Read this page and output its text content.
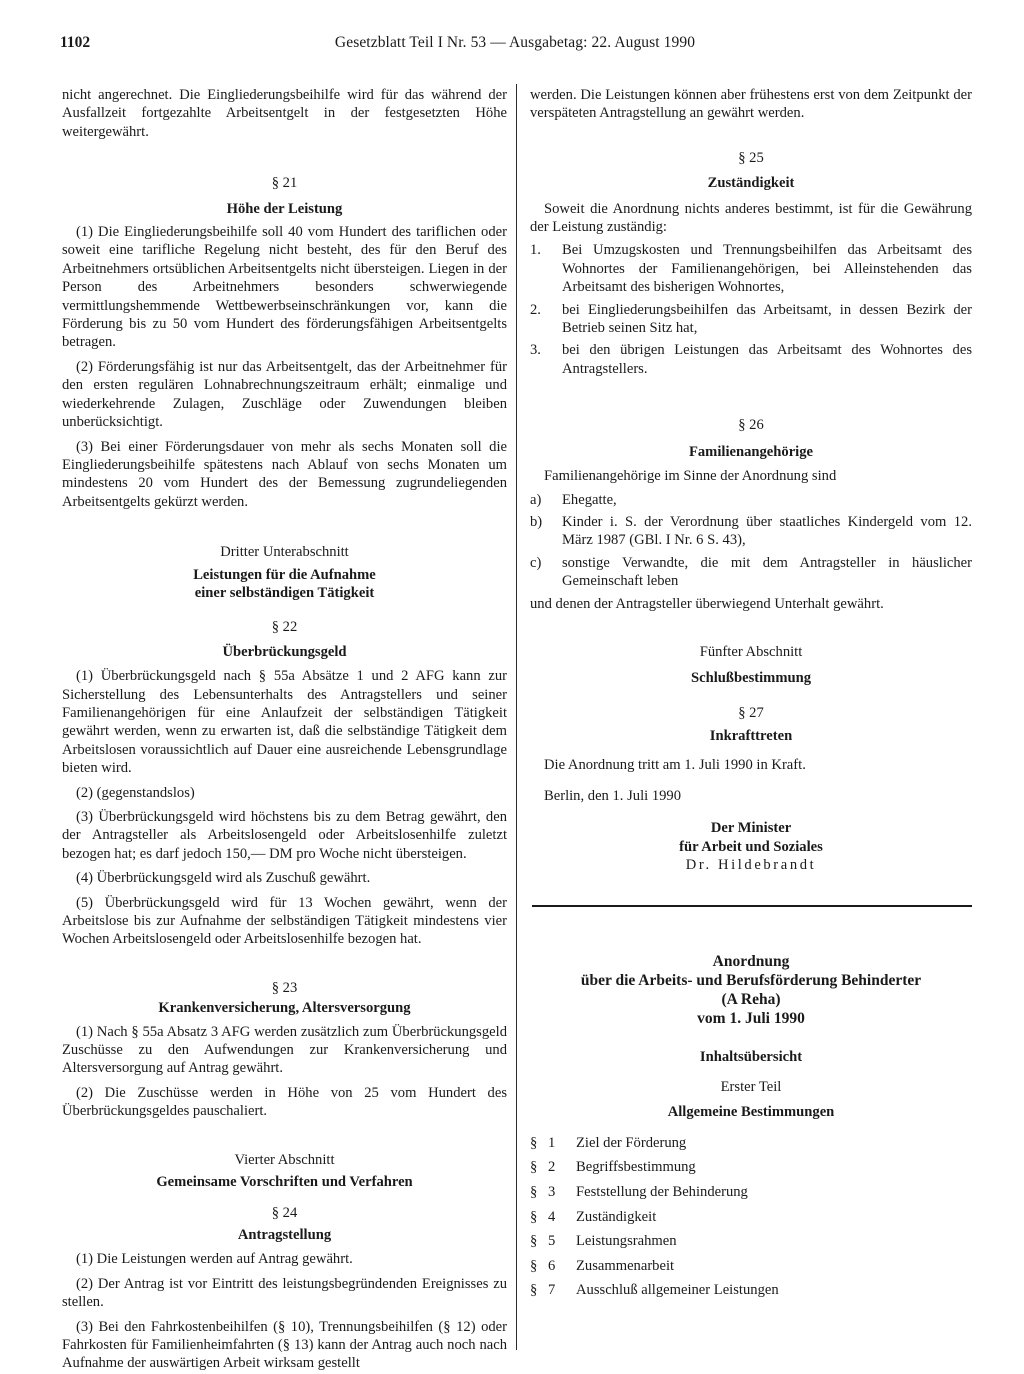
1102	Gesetzblatt Teil I Nr. 53 — Ausgabetag: 22. August 1990

nicht angerechnet. Die Eingliederungsbeihilfe wird für das während der Ausfallzeit fortgezahlte Arbeitsentgelt in der festgesetzten Höhe weitergewährt.

§ 21
Höhe der Leistung

(1) Die Eingliederungsbeihilfe soll 40 vom Hundert des tariflichen oder soweit eine tarifliche Regelung nicht besteht, des für den Beruf des Arbeitnehmers ortsüblichen Arbeitsentgelts nicht übersteigen. Liegen in der Person des Arbeitnehmers besonders schwerwiegende vermittlungshemmende Wettbewerbseinschränkungen vor, kann die Förderung bis zu 50 vom Hundert des förderungsfähigen Arbeitsentgelts betragen.

(2) Förderungsfähig ist nur das Arbeitsentgelt, das der Arbeitnehmer für den ersten regulären Lohnabrechnungszeitraum erhält; einmalige und wiederkehrende Zulagen, Zuschläge oder Zuwendungen bleiben unberücksichtigt.

(3) Bei einer Förderungsdauer von mehr als sechs Monaten soll die Eingliederungsbeihilfe spätestens nach Ablauf von sechs Monaten um mindestens 20 vom Hundert des der Bemessung zugrundeliegenden Arbeitsentgelts gekürzt werden.

Dritter Unterabschnitt
Leistungen für die Aufnahme
einer selbständigen Tätigkeit
§ 22
Überbrückungsgeld

(1) Überbrückungsgeld nach § 55a Absätze 1 und 2 AFG kann zur Sicherstellung des Lebensunterhalts des Antragstellers und seiner Familienangehörigen für eine Anlaufzeit der selbständigen Tätigkeit gewährt werden, wenn zu erwarten ist, daß die selbständige Tätigkeit dem Arbeitslosen voraussichtlich auf Dauer eine ausreichende Lebensgrundlage bieten wird.

(2) (gegenstandslos)

(3) Überbrückungsgeld wird höchstens bis zu dem Betrag gewährt, den der Antragsteller als Arbeitslosengeld oder Arbeitslosenhilfe zuletzt bezogen hat; es darf jedoch 150,— DM pro Woche nicht übersteigen.

(4) Überbrückungsgeld wird als Zuschuß gewährt.

(5) Überbrückungsgeld wird für 13 Wochen gewährt, wenn der Arbeitslose bis zur Aufnahme der selbständigen Tätigkeit mindestens vier Wochen Arbeitslosengeld oder Arbeitslosenhilfe bezogen hat.

§ 23
Krankenversicherung, Altersversorgung

(1) Nach § 55a Absatz 3 AFG werden zusätzlich zum Überbrückungsgeld Zuschüsse zu den Aufwendungen zur Krankenversicherung und Altersversorgung auf Antrag gewährt.

(2) Die Zuschüsse werden in Höhe von 25 vom Hundert des Überbrückungsgeldes pauschaliert.

Vierter Abschnitt
Gemeinsame Vorschriften und Verfahren
§ 24
Antragstellung

(1) Die Leistungen werden auf Antrag gewährt.

(2) Der Antrag ist vor Eintritt des leistungsbegründenden Ereignisses zu stellen.

(3) Bei den Fahrkostenbeihilfen (§ 10), Trennungsbeihilfen (§ 12) oder Fahrkosten für Familienheimfahrten (§ 13) kann der Antrag auch noch nach Aufnahme der auswärtigen Arbeit wirksam gestellt

werden. Die Leistungen können aber frühestens erst von dem Zeitpunkt der verspäteten Antragstellung an gewährt werden.

§ 25
Zuständigkeit

Soweit die Anordnung nichts anderes bestimmt, ist für die Gewährung der Leistung zuständig:

1.	Bei Umzugskosten und Trennungsbeihilfen das Arbeitsamt des Wohnortes der Familienangehörigen, bei Alleinstehenden das Arbeitsamt des bisherigen Wohnortes,
2.	bei Eingliederungsbeihilfen das Arbeitsamt, in dessen Bezirk der Betrieb seinen Sitz hat,
3.	bei den übrigen Leistungen das Arbeitsamt des Wohnortes des Antragstellers.
§ 26
Familienangehörige

Familienangehörige im Sinne der Anordnung sind

a)	Ehegatte,
b)	Kinder i. S. der Verordnung über staatliches Kindergeld vom 12. März 1987 (GBl. I Nr. 6 S. 43),
c)	sonstige Verwandte, die mit dem Antragsteller in häuslicher Gemeinschaft leben

und denen der Antragsteller überwiegend Unterhalt gewährt.

Fünfter Abschnitt
Schlußbestimmung
§ 27
Inkrafttreten

Die Anordnung tritt am 1. Juli 1990 in Kraft.

Berlin, den 1. Juli 1990

Der Minister
für Arbeit und Soziales
Dr. Hildebrandt
Anordnung
über die Arbeits- und Berufsförderung Behinderter
(A Reha)
vom 1. Juli 1990
Inhaltsübersicht
Erster Teil
Allgemeine Bestimmungen
§ 1	Ziel der Förderung
§ 2	Begriffsbestimmung
§ 3	Feststellung der Behinderung
§ 4	Zuständigkeit
§ 5	Leistungsrahmen
§ 6	Zusammenarbeit
§ 7	Ausschluß allgemeiner Leistungen
